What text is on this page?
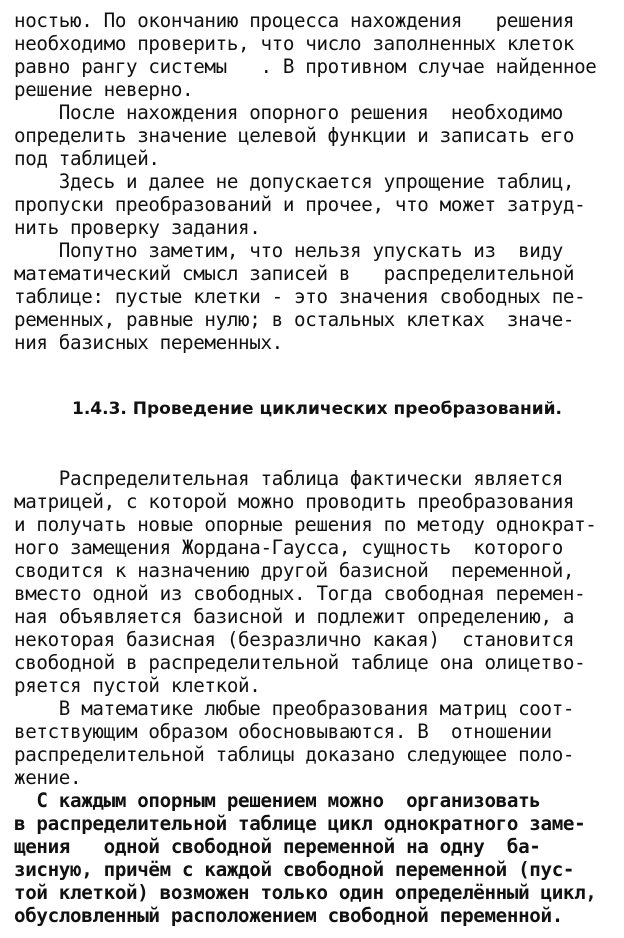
ностью. По окончанию процесса нахождения   решения
необходимо проверить, что число заполненных клеток
равно рангу системы   . В противном случае найденное
решение неверно.
После нахождения опорного решения  необходимо
определить значение целевой функции и записать его
под таблицей.
Здесь и далее не допускается упрощение таблиц,
пропуски преобразований и прочее, что может затруд-
нить проверку задания.
Попутно заметим, что нельзя упускать из  виду
математический смысл записей в   распределительной
таблице: пустые клетки - это значения свободных пе-
ременных, равные нулю; в остальных клетках  значе-
ния базисных переменных.
1.4.3. Проведение циклических преобразований.
Распределительная таблица фактически является
матрицей, с которой можно проводить преобразования
и получать новые опорные решения по методу однократ-
ного замещения Жордана-Гаусса, сущность  которого
сводится к назначению другой базисной  переменной,
вместо одной из свободных. Тогда свободная перемен-
ная объявляется базисной и подлежит определению, а
некоторая базисная (безразлично какая)  становится
свободной в распределительной таблице она олицетво-
ряется пустой клеткой.
В математике любые преобразования матриц соот-
ветствующим образом обосновываются. В  отношении
распределительной таблицы доказано следующее поло-
жение.
С каждым опорным решением можно  организовать
в распределительной таблице цикл однократного заме-
щения   одной свободной переменной на одну  ба-
зисную, причём с каждой свободной переменной (пус-
той клеткой) возможен только один определённый цикл,
обусловленный расположением свободной переменной.
